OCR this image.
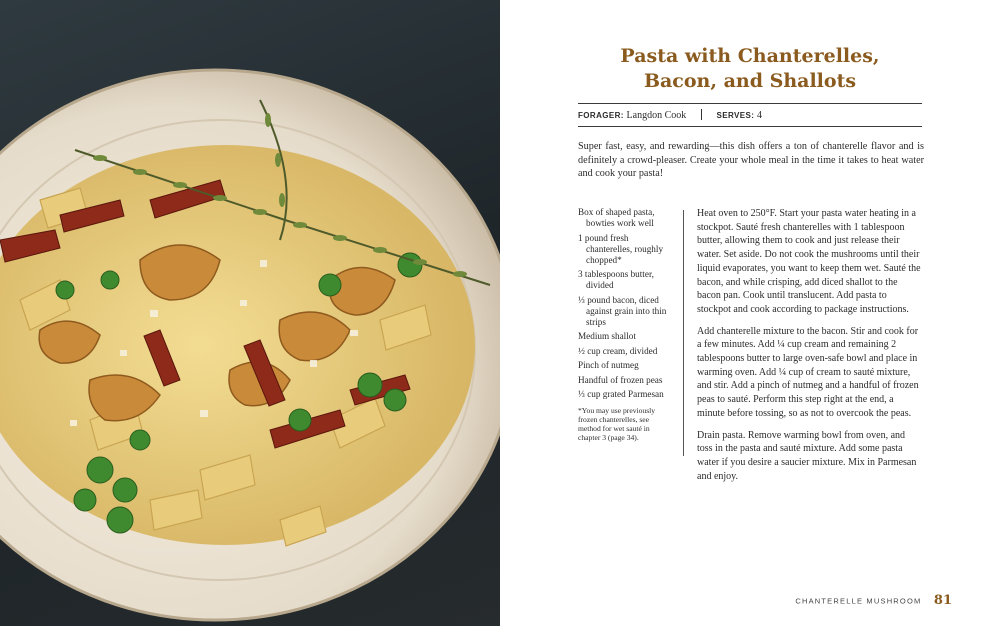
Pasta with Chanterelles,
Bacon, and Shallots
FORAGER: Langdon Cook	SERVES: 4

Super fast, easy, and rewarding—this dish offers a ton of chanterelle flavor and is definitely a crowd-pleaser. Create your whole meal in the time it takes to heat water and cook your pasta!

Box of shaped pasta, bowties work well
1 pound fresh chanterelles, roughly chopped*
3 tablespoons butter, divided
⅓ pound bacon, diced against grain into thin strips
Medium shallot
½ cup cream, divided
Pinch of nutmeg
Handful of frozen peas
⅓ cup grated Parmesan

*You may use previously frozen chanterelles, see method for wet sauté in chapter 3 (page 34).

Heat oven to 250°F. Start your pasta water heating in a stockpot. Sauté fresh chanterelles with 1 tablespoon butter, allowing them to cook and just release their water. Set aside. Do not cook the mushrooms until their liquid evaporates, you want to keep them wet. Sauté the bacon, and while crisping, add diced shallot to the bacon pan. Cook until translucent. Add pasta to stockpot and cook according to package instructions.

Add chanterelle mixture to the bacon. Stir and cook for a few minutes. Add ¼ cup cream and remaining 2 tablespoons butter to large oven-safe bowl and place in warming oven. Add ¼ cup of cream to sauté mixture, and stir. Add a pinch of nutmeg and a handful of frozen peas to sauté. Perform this step right at the end, a minute before tossing, so as not to overcook the peas.

Drain pasta. Remove warming bowl from oven, and toss in the pasta and sauté mixture. Add some pasta water if you desire a saucier mixture. Mix in Parmesan and enjoy.

CHANTERELLE MUSHROOM 81
